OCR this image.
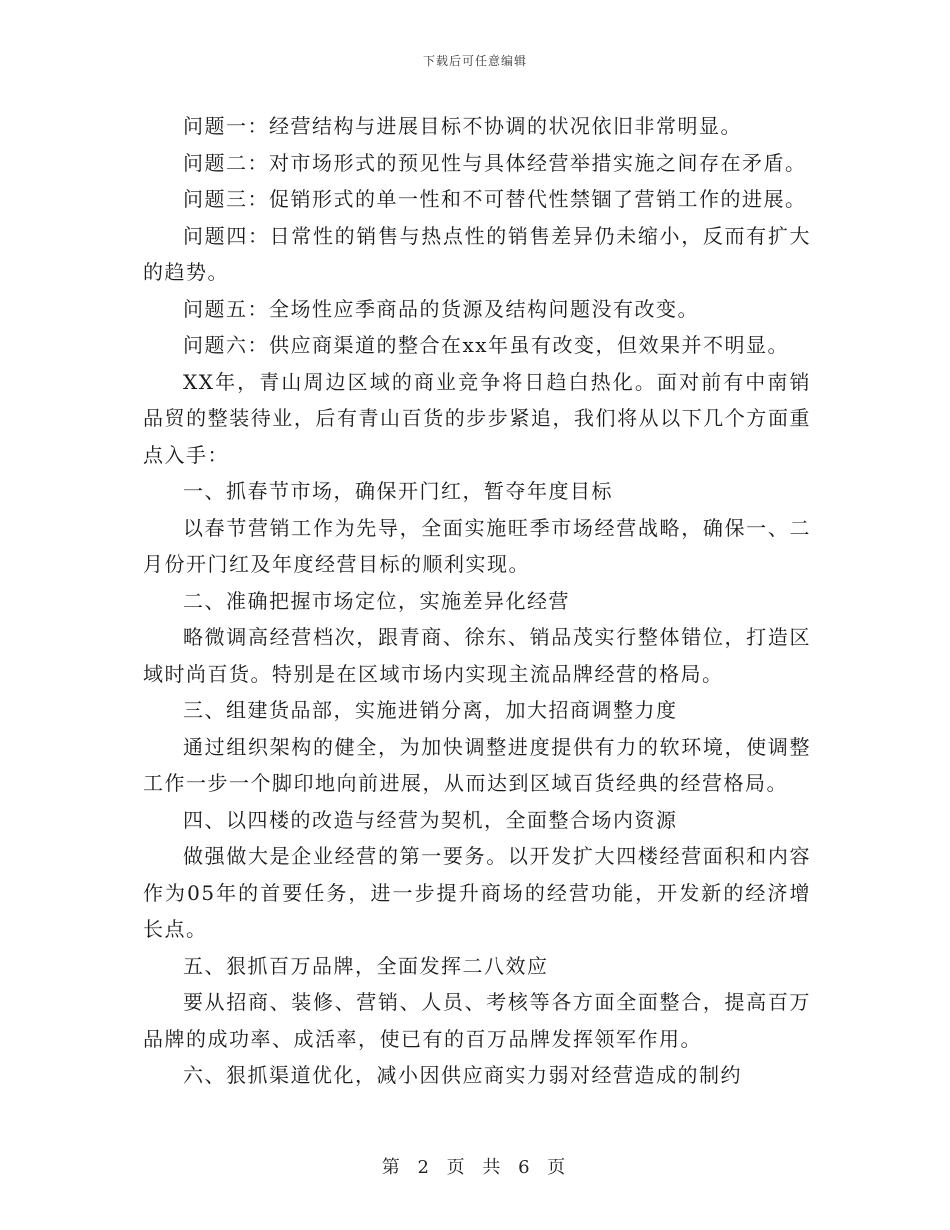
下载后可任意编辑

问题一：经营结构与进展目标不协调的状况依旧非常明显。

问题二：对市场形式的预见性与具体经营举措实施之间存在矛盾。

问题三：促销形式的单一性和不可替代性禁锢了营销工作的进展。

问题四：日常性的销售与热点性的销售差异仍未缩小，反而有扩大的趋势。

问题五：全场性应季商品的货源及结构问题没有改变。

问题六：供应商渠道的整合在xx年虽有改变，但效果并不明显。

XX年，青山周边区域的商业竞争将日趋白热化。面对前有中南销品贸的整装待业，后有青山百货的步步紧追，我们将从以下几个方面重点入手：

一、抓春节市场，确保开门红，暂夺年度目标

以春节营销工作为先导，全面实施旺季市场经营战略，确保一、二月份开门红及年度经营目标的顺利实现。

二、准确把握市场定位，实施差异化经营

略微调高经营档次，跟青商、徐东、销品茂实行整体错位，打造区域时尚百货。特别是在区域市场内实现主流品牌经营的格局。

三、组建货品部，实施进销分离，加大招商调整力度

通过组织架构的健全，为加快调整进度提供有力的软环境，使调整工作一步一个脚印地向前进展，从而达到区域百货经典的经营格局。

四、以四楼的改造与经营为契机，全面整合场内资源

做强做大是企业经营的第一要务。以开发扩大四楼经营面积和内容作为05年的首要任务，进一步提升商场的经营功能，开发新的经济增长点。

五、狠抓百万品牌，全面发挥二八效应

要从招商、装修、营销、人员、考核等各方面全面整合，提高百万品牌的成功率、成活率，使已有的百万品牌发挥领军作用。

六、狠抓渠道优化，减小因供应商实力弱对经营造成的制约

第 2 页 共 6 页
